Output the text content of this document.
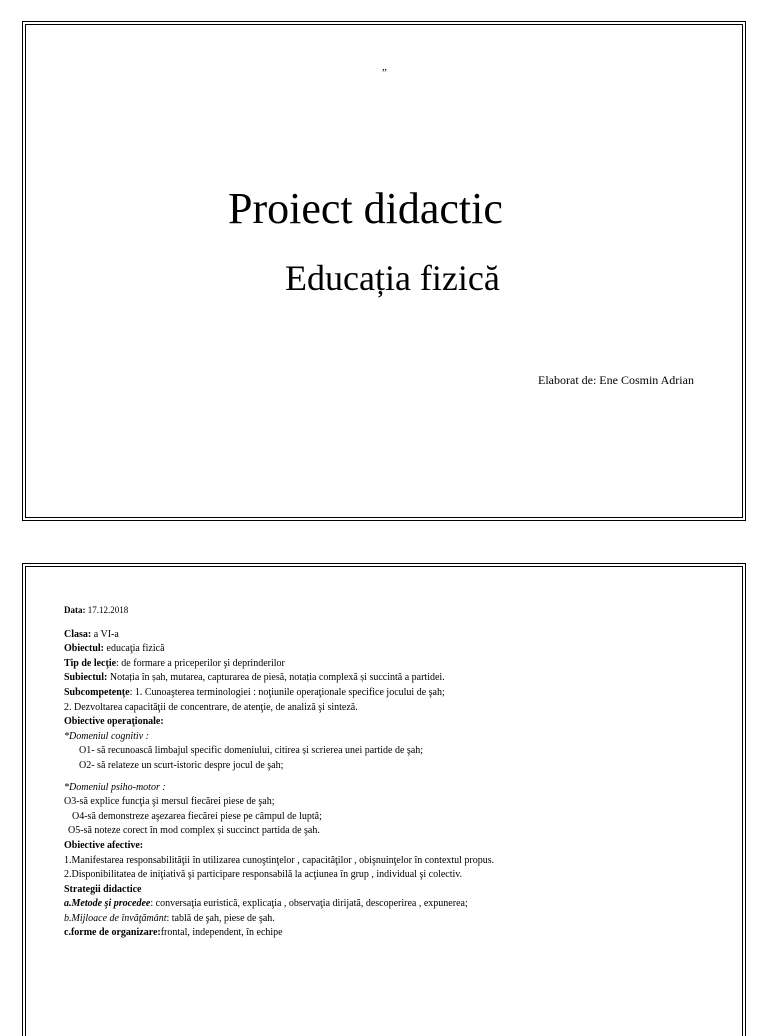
„
Proiect didactic
Educația fizică
Elaborat de: Ene Cosmin Adrian
Data: 17.12.2018
Clasa: a VI-a
Obiectul: educaţia fizică
Tip de lecţie: de formare a priceperilor şi deprinderilor
Subiectul: Notația în șah, mutarea, capturarea de piesă, notația complexă și succintă a partidei.
Subcompetenţe: 1. Cunoaşterea terminologiei : noţiunile operaţionale specifice jocului de şah;
2. Dezvoltarea capacităţii de concentrare, de atenţie, de analiză şi sinteză.
Obiective operaţionale:
*Domeniul cognitiv :
O1- să recunoască limbajul specific domeniului, citirea și scrierea unei partide de şah;
O2- să relateze un scurt-istoric despre jocul de şah;
*Domeniul psiho-motor :
O3-să explice funcţia şi mersul fiecărei piese de şah;
O4-să demonstreze aşezarea fiecărei piese pe câmpul de luptă;
O5-să noteze corect în mod complex și succinct partida de şah.
Obiective afective:
1.Manifestarea responsabilităţii în utilizarea cunoştinţelor , capacităţilor , obişnuinţelor în contextul propus.
2.Disponibilitatea de iniţiativă şi participare responsabilă la acţiunea în grup , individual şi colectiv.
Strategii didactice
a.Metode şi procedee: conversaţia euristică, explicaţia , observaţia dirijată, descoperirea , expunerea;
b.Mijloace de învăţământ: tablă de şah, piese de şah.
c.forme de organizare:frontal, independent, în echipe
